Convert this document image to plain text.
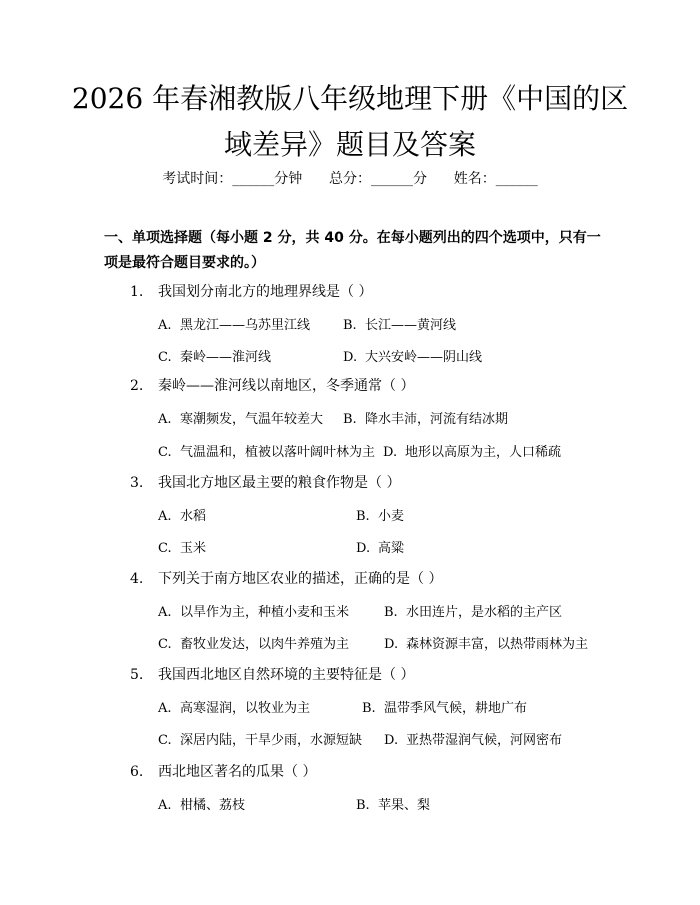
2026 年春湘教版八年级地理下册《中国的区
域差异》题目及答案
考试时间：______分钟      总分：______分      姓名：______
一、单项选择题（每小题 2 分，共 40 分。在每小题列出的四个选项中，只有一项是最符合题目要求的。）
1. 我国划分南北方的地理界线是（ ）
A. 黑龙江——乌苏里江线	B. 长江——黄河线
C. 秦岭——淮河线	D. 大兴安岭——阴山线
2. 秦岭——淮河线以南地区，冬季通常（ ）
A. 寒潮频发，气温年较差大 B. 降水丰沛，河流有结冰期
C. 气温温和，植被以落叶阔叶林为主 D. 地形以高原为主，人口稀疏
3. 我国北方地区最主要的粮食作物是（ ）
A. 水稻	B. 小麦
C. 玉米	D. 高粱
4. 下列关于南方地区农业的描述，正确的是（ ）
A. 以旱作为主，种植小麦和玉米	B. 水田连片，是水稻的主产区
C. 畜牧业发达，以肉牛养殖为主	D. 森林资源丰富，以热带雨林为主
5. 我国西北地区自然环境的主要特征是（ ）
A. 高寒湿润，以牧业为主	B. 温带季风气候，耕地广布
C. 深居内陆，干旱少雨，水源短缺 D. 亚热带湿润气候，河网密布
6. 西北地区著名的瓜果（ ）
A. 柑橘、荔枝	B. 苹果、梨
